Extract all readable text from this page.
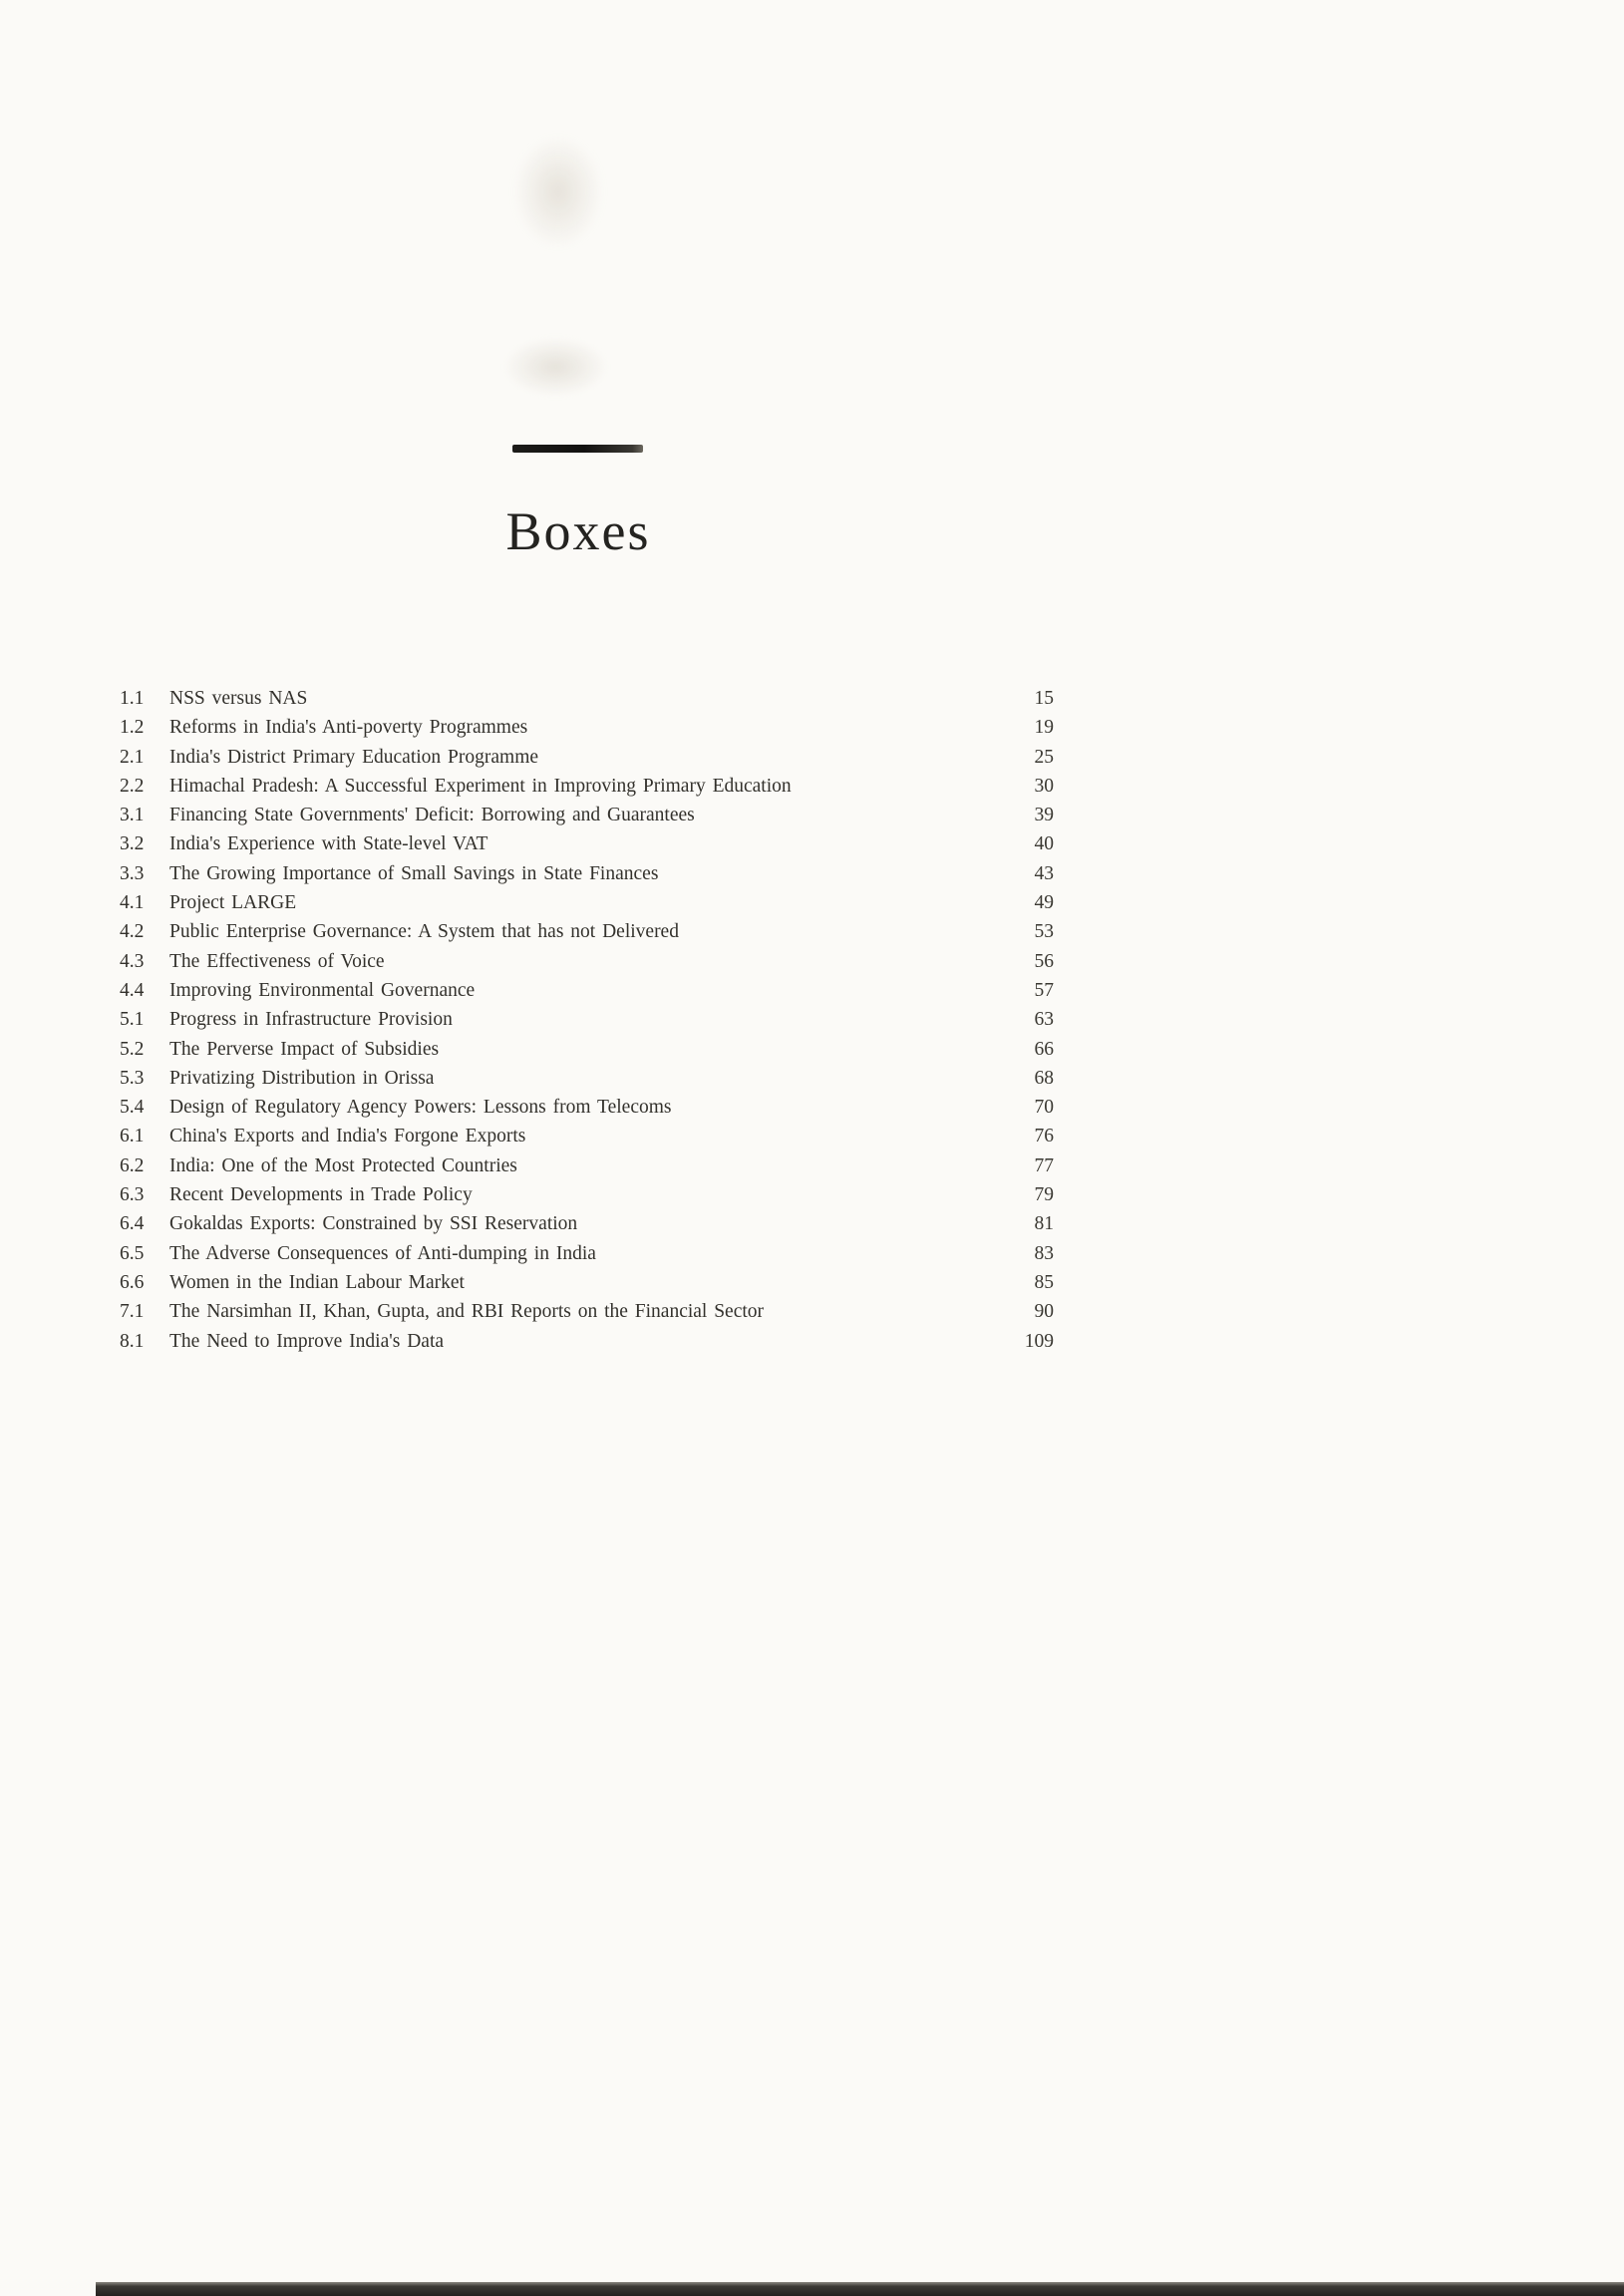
Boxes
1.1	NSS versus NAS	15
1.2	Reforms in India's Anti-poverty Programmes	19
2.1	India's District Primary Education Programme	25
2.2	Himachal Pradesh: A Successful Experiment in Improving Primary Education	30
3.1	Financing State Governments' Deficit: Borrowing and Guarantees	39
3.2	India's Experience with State-level VAT	40
3.3	The Growing Importance of Small Savings in State Finances	43
4.1	Project LARGE	49
4.2	Public Enterprise Governance: A System that has not Delivered	53
4.3	The Effectiveness of Voice	56
4.4	Improving Environmental Governance	57
5.1	Progress in Infrastructure Provision	63
5.2	The Perverse Impact of Subsidies	66
5.3	Privatizing Distribution in Orissa	68
5.4	Design of Regulatory Agency Powers: Lessons from Telecoms	70
6.1	China's Exports and India's Forgone Exports	76
6.2	India: One of the Most Protected Countries	77
6.3	Recent Developments in Trade Policy	79
6.4	Gokaldas Exports: Constrained by SSI Reservation	81
6.5	The Adverse Consequences of Anti-dumping in India	83
6.6	Women in the Indian Labour Market	85
7.1	The Narsimhan II, Khan, Gupta, and RBI Reports on the Financial Sector	90
8.1	The Need to Improve India's Data	109
